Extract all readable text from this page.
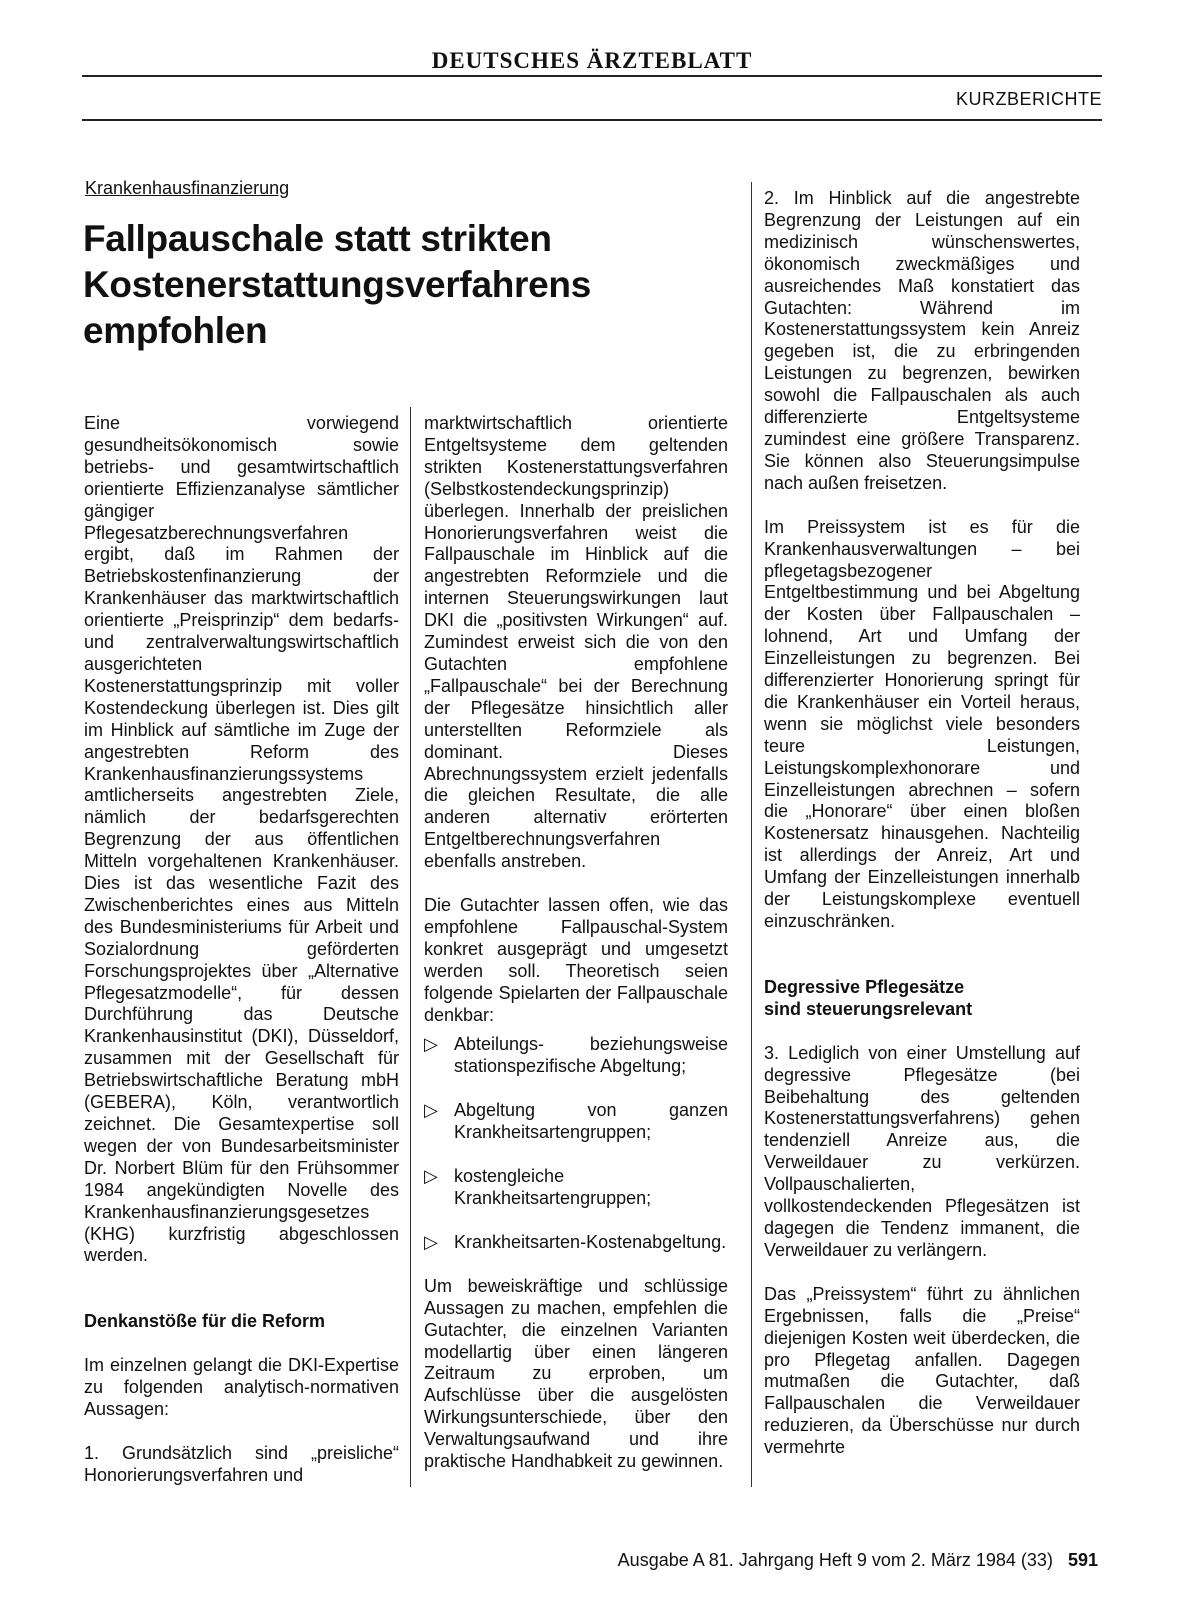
DEUTSCHES ÄRZTEBLATT
KURZBERICHTE
Krankenhausfinanzierung
Fallpauschale statt strikten
Kostenerstattungsverfahrens
empfohlen

Eine vorwiegend gesundheitsökonomisch sowie betriebs- und gesamtwirtschaftlich orientierte Effizienzanalyse sämtlicher gängiger Pflegesatzberechnungsverfahren ergibt, daß im Rahmen der Betriebskostenfinanzierung der Krankenhäuser das marktwirtschaftlich orientierte „Preisprinzip“ dem bedarfs- und zentralverwaltungswirtschaftlich ausgerichteten Kostenerstattungsprinzip mit voller Kostendeckung überlegen ist. Dies gilt im Hinblick auf sämtliche im Zuge der angestrebten Reform des Krankenhausfinanzierungssystems amtlicherseits angestrebten Ziele, nämlich der bedarfsgerechten Begrenzung der aus öffentlichen Mitteln vorgehaltenen Krankenhäuser. Dies ist das wesentliche Fazit des Zwischenberichtes eines aus Mitteln des Bundesministeriums für Arbeit und Sozialordnung geförderten Forschungsprojektes über „Alternative Pflegesatzmodelle“, für dessen Durchführung das Deutsche Krankenhausinstitut (DKI), Düsseldorf, zusammen mit der Gesellschaft für Betriebswirtschaftliche Beratung mbH (GEBERA), Köln, verantwortlich zeichnet. Die Gesamtexpertise soll wegen der von Bundesarbeitsminister Dr. Norbert Blüm für den Frühsommer 1984 angekündigten Novelle des Krankenhausfinanzierungsgesetzes (KHG) kurzfristig abgeschlossen werden.

Denkanstöße für die Reform

Im einzelnen gelangt die DKI-Expertise zu folgenden analytisch-normativen Aussagen:

1. Grundsätzlich sind „preisliche“ Honorierungsverfahren und

marktwirtschaftlich orientierte Entgeltsysteme dem geltenden strikten Kostenerstattungsverfahren (Selbstkostendeckungsprinzip) überlegen. Innerhalb der preislichen Honorierungsverfahren weist die Fallpauschale im Hinblick auf die angestrebten Reformziele und die internen Steuerungswirkungen laut DKI die „positivsten Wirkungen“ auf. Zumindest erweist sich die von den Gutachten empfohlene „Fallpauschale“ bei der Berechnung der Pflegesätze hinsichtlich aller unterstellten Reformziele als dominant. Dieses Abrechnungssystem erzielt jedenfalls die gleichen Resultate, die alle anderen alternativ erörterten Entgeltberechnungsverfahren ebenfalls anstreben.

Die Gutachter lassen offen, wie das empfohlene Fallpauschal-System konkret ausgeprägt und umgesetzt werden soll. Theoretisch seien folgende Spielarten der Fallpauschale denkbar:

▷ Abteilungs- beziehungsweise stationspezifische Abgeltung;
▷ Abgeltung von ganzen Krankheitsartengruppen;
▷ kostengleiche Krankheitsartengruppen;
▷ Krankheitsarten-Kostenabgeltung.

Um beweiskräftige und schlüssige Aussagen zu machen, empfehlen die Gutachter, die einzelnen Varianten modellartig über einen längeren Zeitraum zu erproben, um Aufschlüsse über die ausgelösten Wirkungsunterschiede, über den Verwaltungsaufwand und ihre praktische Handhabkeit zu gewinnen.

2. Im Hinblick auf die angestrebte Begrenzung der Leistungen auf ein medizinisch wünschenswertes, ökonomisch zweckmäßiges und ausreichendes Maß konstatiert das Gutachten: Während im Kostenerstattungssystem kein Anreiz gegeben ist, die zu erbringenden Leistungen zu begrenzen, bewirken sowohl die Fallpauschalen als auch differenzierte Entgeltsysteme zumindest eine größere Transparenz. Sie können also Steuerungsimpulse nach außen freisetzen.

Im Preissystem ist es für die Krankenhausverwaltungen – bei pflegetagsbezogener Entgeltbestimmung und bei Abgeltung der Kosten über Fallpauschalen – lohnend, Art und Umfang der Einzelleistungen zu begrenzen. Bei differenzierter Honorierung springt für die Krankenhäuser ein Vorteil heraus, wenn sie möglichst viele besonders teure Leistungen, Leistungskomplexhonorare und Einzelleistungen abrechnen – sofern die „Honorare“ über einen bloßen Kostenersatz hinausgehen. Nachteilig ist allerdings der Anreiz, Art und Umfang der Einzelleistungen innerhalb der Leistungskomplexe eventuell einzuschränken.

Degressive Pflegesätze
sind steuerungsrelevant

3. Lediglich von einer Umstellung auf degressive Pflegesätze (bei Beibehaltung des geltenden Kostenerstattungsverfahrens) gehen tendenziell Anreize aus, die Verweildauer zu verkürzen. Vollpauschalierten, vollkostendeckenden Pflegesätzen ist dagegen die Tendenz immanent, die Verweildauer zu verlängern.

Das „Preissystem“ führt zu ähnlichen Ergebnissen, falls die „Preise“ diejenigen Kosten weit überdecken, die pro Pflegetag anfallen. Dagegen mutmaßen die Gutachter, daß Fallpauschalen die Verweildauer reduzieren, da Überschüsse nur durch vermehrte

Ausgabe A 81. Jahrgang Heft 9 vom 2. März 1984 (33) 591
